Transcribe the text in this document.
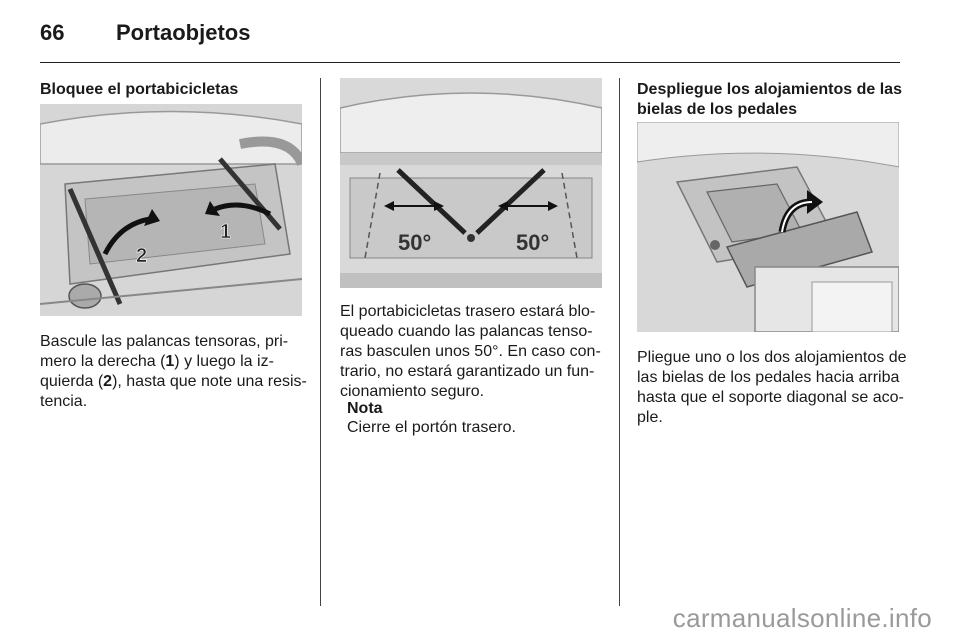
66 Portaobjetos
Bloquee el portabicicletas
2
1
Bascule las palancas tensoras, pri-
mero la derecha (1) y luego la iz-
quierda (2), hasta que note una resis-
tencia.
50°	50°
El portabicicletas trasero estará blo-
queado cuando las palancas tenso-
ras basculen unos 50°. En caso con-
trario, no estará garantizado un fun-
cionamiento seguro.
Nota
Cierre el portón trasero.
Despliegue los alojamientos de las
bielas de los pedales
Pliegue uno o los dos alojamientos de
las bielas de los pedales hacia arriba
hasta que el soporte diagonal se aco-
ple.
carmanualsonline.info
